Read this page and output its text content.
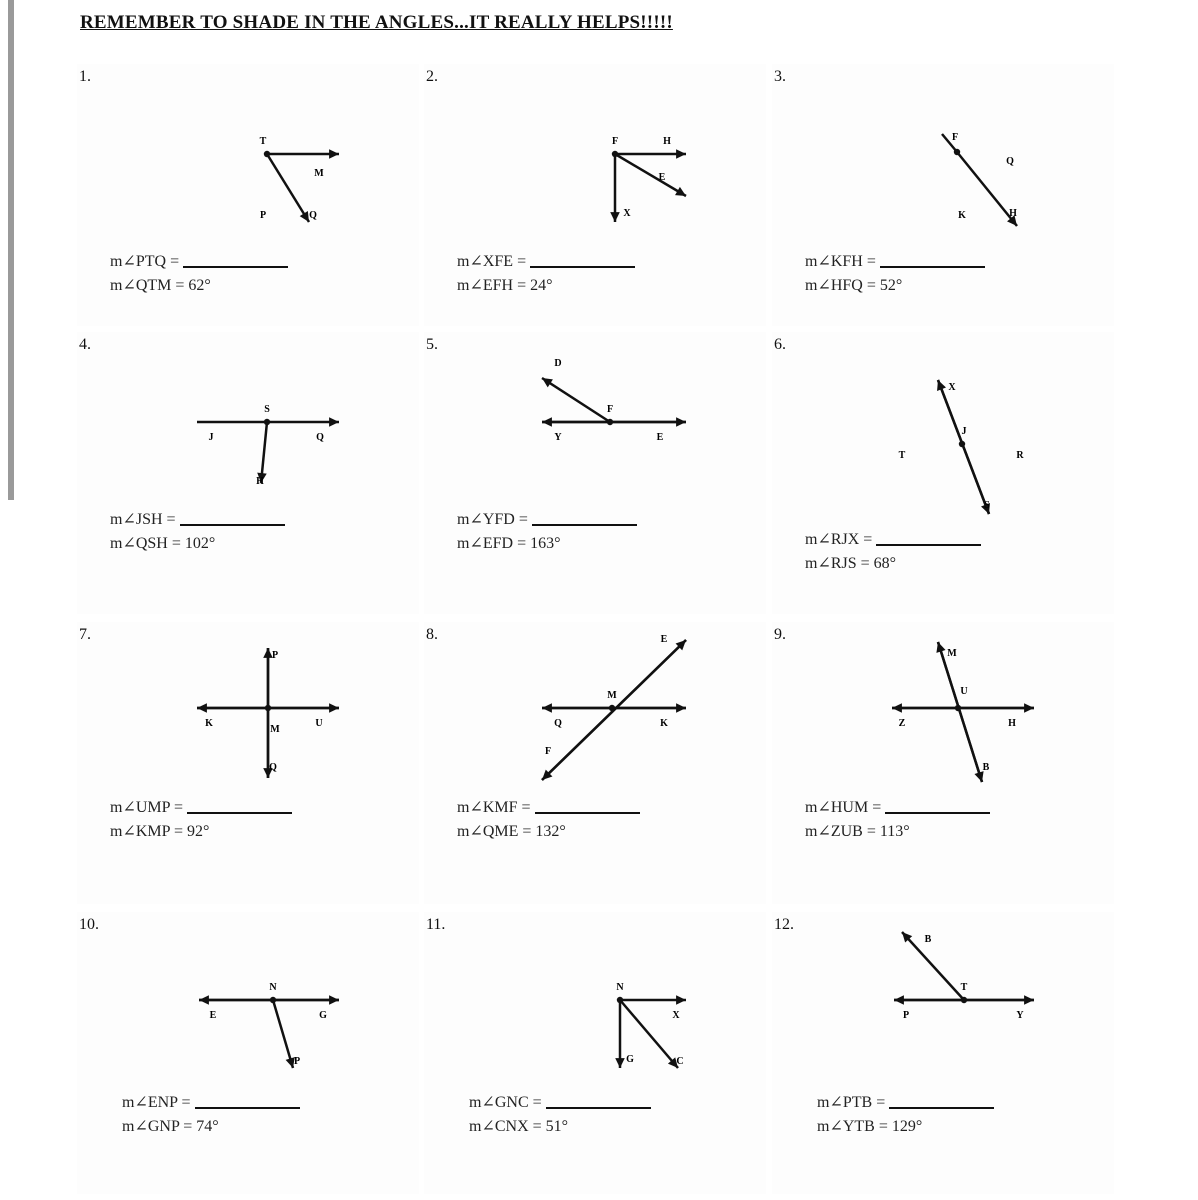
REMEMBER TO SHADE IN THE ANGLES...IT REALLY HELPS!!!!!
1.
T
M
P	Q
m∠PTQ =
m∠QTM = 62°
2.
F	H
E
X
m∠XFE =
m∠EFH = 24°
3.
F
Q
K	H
m∠KFH =
m∠HFQ = 52°
4.
S
J	Q
H
m∠JSH =
m∠QSH = 102°
5.
D
F
Y	E
m∠YFD =
m∠EFD = 163°
6.
X
J
T	R
S
m∠RJX =
m∠RJS = 68°
7.
P
K
M
U
Q
m∠UMP =
m∠KMP = 92°
8.	E
M
Q	K
F
m∠KMF =
m∠QME = 132°
9.
M
U
Z	H
B
m∠HUM =
m∠ZUB = 113°
10.
N
E	G
P
m∠ENP =
m∠GNP = 74°
11.
N
X
G	C
m∠GNC =
m∠CNX = 51°
12.
B
T
P	Y
m∠PTB =
m∠YTB = 129°
